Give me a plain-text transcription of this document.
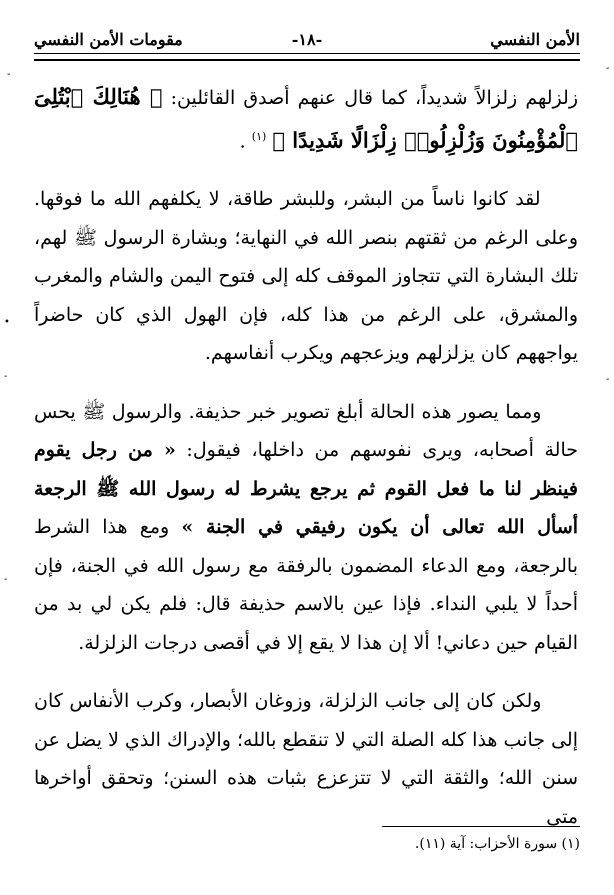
-
•
-
-
-
-
الأمن النفسي
-١٨-
مقومات الأمن النفسي

زلزلهم زلزالاً شديداً، كما قال عنهم أصدق القائلين: ﴿ هُنَالِكَ ٱبْتُلِىَ ٱلْمُؤْمِنُونَ وَزُلْزِلُوا۟ زِلْزَالًا شَدِيدًا ﴾ $^{(١)}$ .

لقد كانوا ناساً من البشر، وللبشر طاقة، لا يكلفهم الله ما فوقها. وعلى الرغم من ثقتهم بنصر الله في النهاية؛ وبشارة الرسول ﷺ لهم، تلك البشارة التي تتجاوز الموقف كله إلى فتوح اليمن والشام والمغرب والمشرق، على الرغم من هذا كله، فإن الهول الذي كان حاضراً يواجههم كان يزلزلهم ويزعجهم ويكرب أنفاسهم.

ومما يصور هذه الحالة أبلغ تصوير خبر حذيفة. والرسول ﷺ يحس حالة أصحابه، ويرى نفوسهم من داخلها، فيقول: « من رجل يقوم فينظر لنا ما فعل القوم ثم يرجع يشرط له رسول الله ﷺ الرجعة أسأل الله تعالى أن يكون رفيقي في الجنة » ومع هذا الشرط بالرجعة، ومع الدعاء المضمون بالرفقة مع رسول الله في الجنة، فإن أحداً لا يلبي النداء. فإذا عين بالاسم حذيفة قال: فلم يكن لي بد من القيام حين دعاني! ألا إن هذا لا يقع إلا في أقصى درجات الزلزلة.

ولكن كان إلى جانب الزلزلة، وزوغان الأبصار، وكرب الأنفاس كان إلى جانب هذا كله الصلة التي لا تنقطع بالله؛ والإدراك الذي لا يضل عن سنن الله؛ والثقة التي لا تتزعزع بثبات هذه السنن؛ وتحقق أواخرها متى

(١) سورة الأحزاب: آية (١١).
